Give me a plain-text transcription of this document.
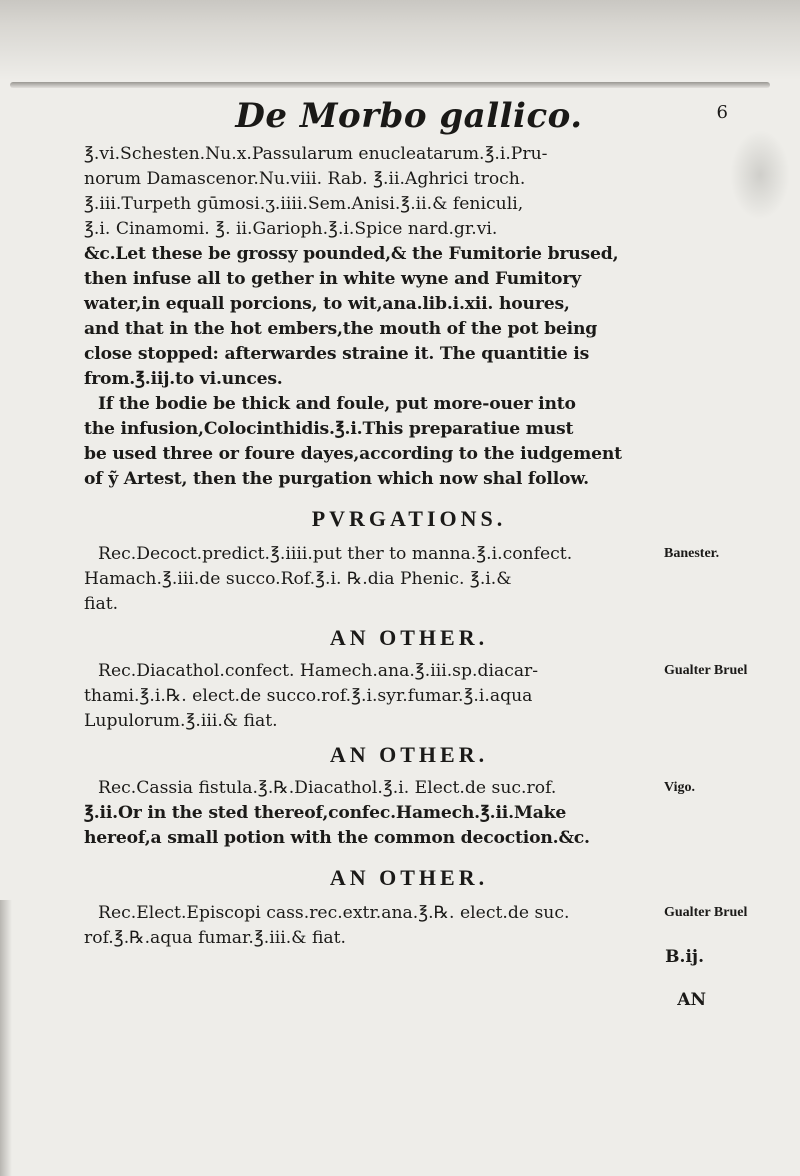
De Morbo gallico.	6

℥.vi.Schesten.Nu.x.Passularum enucleatarum.℥.i.Pru-

norum Damascenor.Nu.viii. Rab. ℥.ii.Aghrici troch.

℥.iii.Turpeth gūmosi.ʒ.iiii.Sem.Anisi.℥.ii.& feniculi,

℥.i. Cinamomi. ℥. ii.Garioph.℥.i.Spice nard.gr.vi.

&c.Let these be grossy pounded,& the Fumitorie brused,

then infuse all to gether in white wyne and Fumitory

water,in equall porcions, to wit,ana.lib.i.xii. houres,

and that in the hot embers,the mouth of the pot being

close stopped: afterwardes straine it. The quantitie is

from.℥.iij.to vi.unces.

If the bodie be thick and foule, put more-ouer into

the infusion,Colocinthidis.℥.i.This preparatiue must

be used three or foure dayes,according to the iudgement

of ỹ Artest, then the purgation which now shal follow.

PVRGATIONS.
Banester.

Rec.Decoct.predict.℥.iiii.put ther to manna.℥.i.confect.

Hamach.℥.iii.de succo.Rof.℥.i. ℞.dia Phenic. ℥.i.&

fiat.

AN OTHER.
Gualter Bruel

Rec.Diacathol.confect. Hamech.ana.℥.iii.sp.diacar-

thami.℥.i.℞. elect.de succo.rof.℥.i.syr.fumar.℥.i.aqua

Lupulorum.℥.iii.& fiat.

AN OTHER.
Vigo.

Rec.Cassia fistula.℥.℞.Diacathol.℥.i. Elect.de suc.rof.

℥.ii.Or in the sted thereof,confec.Hamech.℥.ii.Make

hereof,a small potion with the common decoction.&c.

AN OTHER.
Gualter Bruel

Rec.Elect.Episcopi cass.rec.extr.ana.℥.℞. elect.de suc.

rof.℥.℞.aqua fumar.℥.iii.& fiat.

B.ij.

AN
